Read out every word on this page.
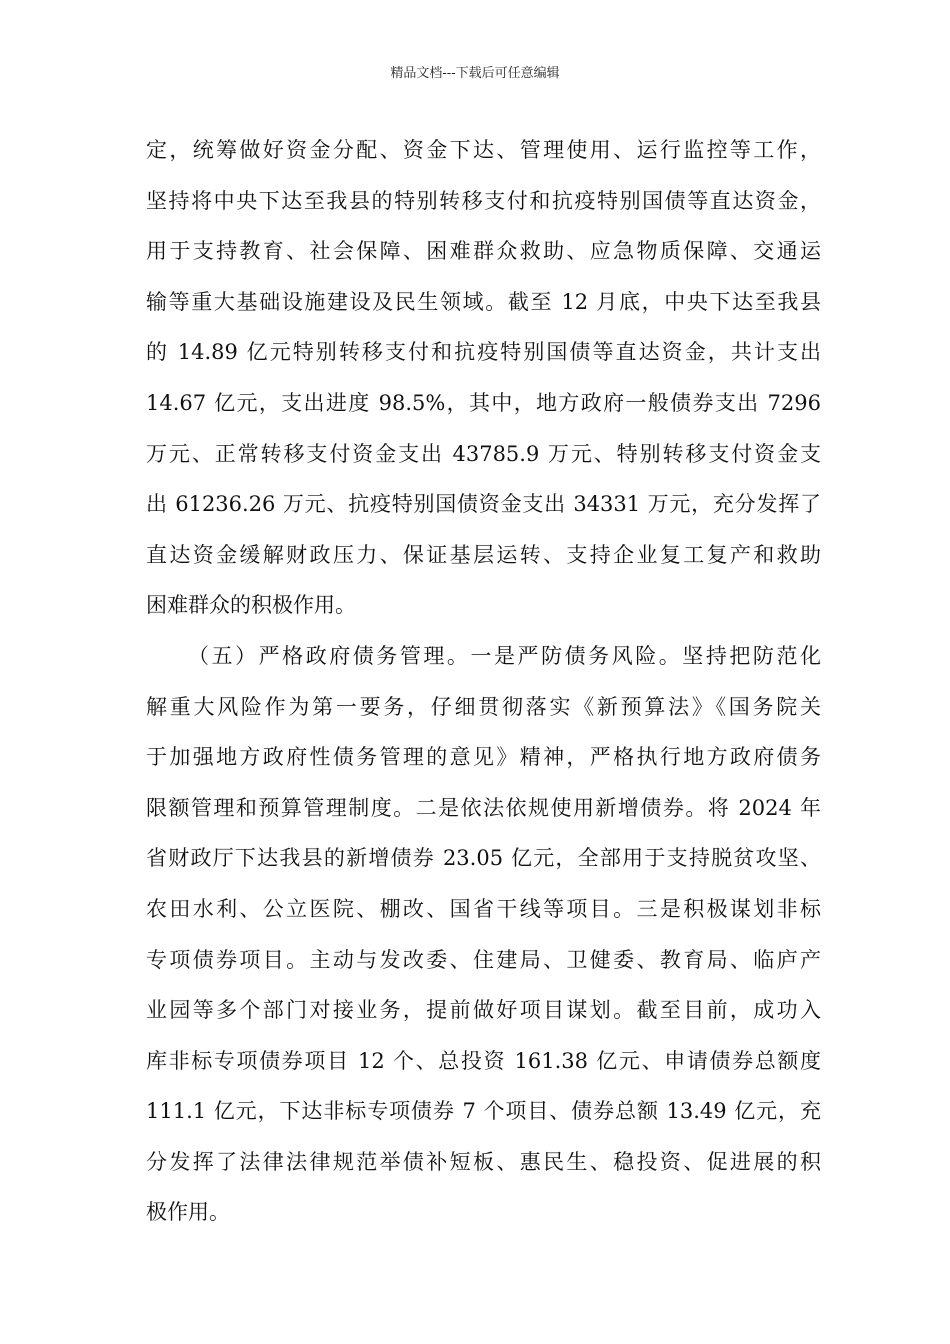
精品文档---下载后可任意编辑
定，统筹做好资金分配、资金下达、管理使用、运行监控等工作，
坚持将中央下达至我县的特别转移支付和抗疫特别国债等直达资金，
用于支持教育、社会保障、困难群众救助、应急物质保障、交通运
输等重大基础设施建设及民生领域。截至 12 月底，中央下达至我县
的 14.89 亿元特别转移支付和抗疫特别国债等直达资金，共计支出
14.67 亿元，支出进度 98.5%，其中，地方政府一般债券支出 7296
万元、正常转移支付资金支出 43785.9 万元、特别转移支付资金支
出 61236.26 万元、抗疫特别国债资金支出 34331 万元，充分发挥了
直达资金缓解财政压力、保证基层运转、支持企业复工复产和救助
困难群众的积极作用。
（五）严格政府债务管理。一是严防债务风险。坚持把防范化
解重大风险作为第一要务，仔细贯彻落实《新预算法》《国务院关
于加强地方政府性债务管理的意见》精神，严格执行地方政府债务
限额管理和预算管理制度。二是依法依规使用新增债券。将 2024 年
省财政厅下达我县的新增债券 23.05 亿元，全部用于支持脱贫攻坚、
农田水利、公立医院、棚改、国省干线等项目。三是积极谋划非标
专项债券项目。主动与发改委、住建局、卫健委、教育局、临庐产
业园等多个部门对接业务，提前做好项目谋划。截至目前，成功入
库非标专项债券项目 12 个、总投资 161.38 亿元、申请债券总额度
111.1 亿元，下达非标专项债券 7 个项目、债券总额 13.49 亿元，充
分发挥了法律法律规范举债补短板、惠民生、稳投资、促进展的积
极作用。
